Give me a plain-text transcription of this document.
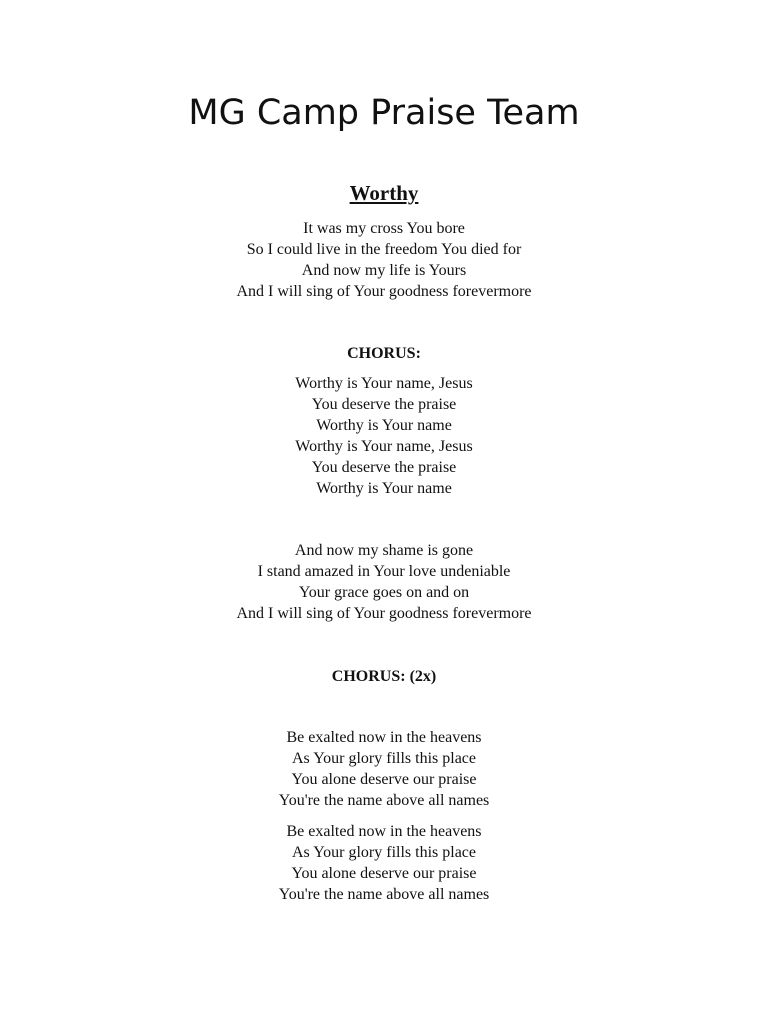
MG Camp Praise Team
Worthy
It was my cross You bore
So I could live in the freedom You died for
And now my life is Yours
And I will sing of Your goodness forevermore
CHORUS:
Worthy is Your name, Jesus
You deserve the praise
Worthy is Your name
Worthy is Your name, Jesus
You deserve the praise
Worthy is Your name
And now my shame is gone
I stand amazed in Your love undeniable
Your grace goes on and on
And I will sing of Your goodness forevermore
CHORUS: (2x)
Be exalted now in the heavens
As Your glory fills this place
You alone deserve our praise
You're the name above all names
Be exalted now in the heavens
As Your glory fills this place
You alone deserve our praise
You're the name above all names
